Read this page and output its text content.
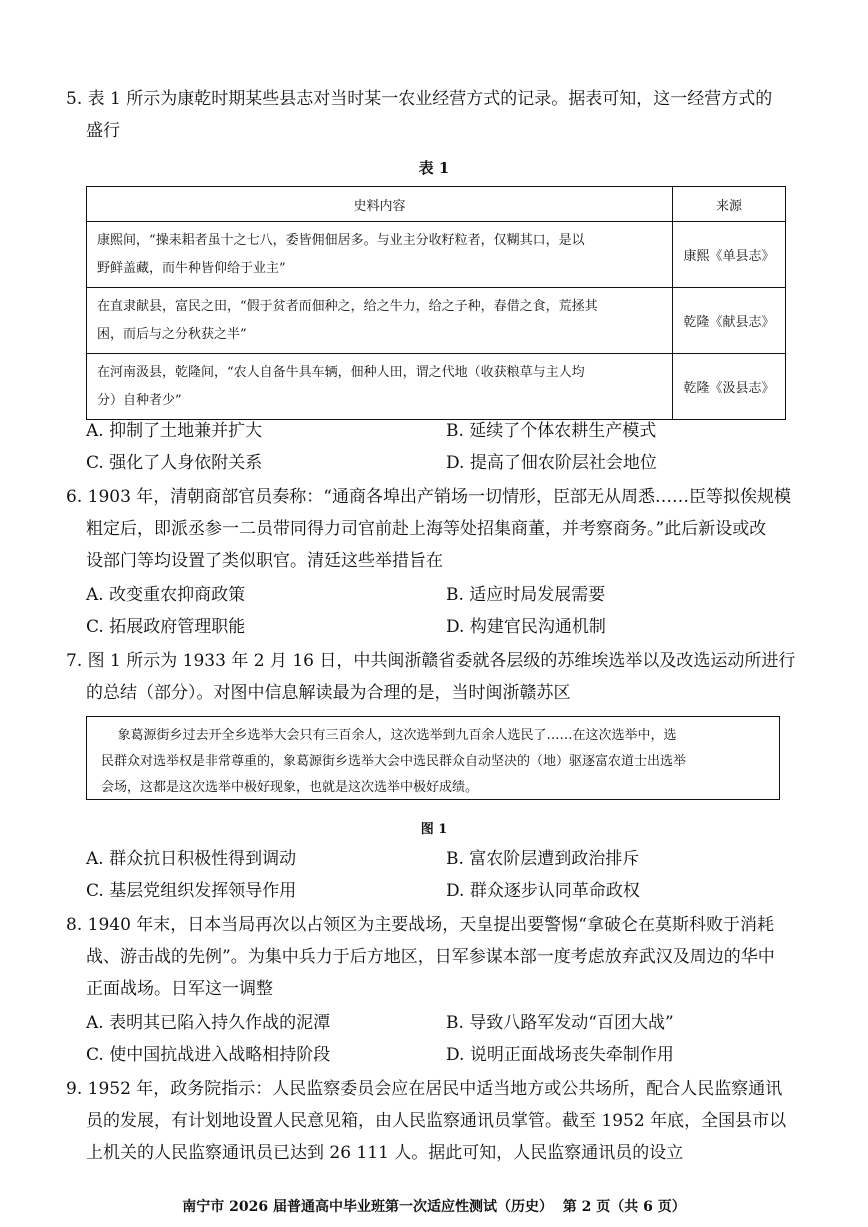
5. 表 1 所示为康乾时期某些县志对当时某一农业经营方式的记录。据表可知，这一经营方式的
盛行
表 1
史料内容	来源

康熙间，“操耒耜者虽十之七八，委皆佣佃居多。与业主分收籽粒者，仅糊其口，是以
野鲜盖藏，而牛种皆仰给于业主”	康熙《单县志》

在直隶献县，富民之田，“假于贫者而佃种之，给之牛力，给之子种，春借之食，荒拯其
困，而后与之分秋获之半”	乾隆《献县志》

在河南汲县，乾隆间，“农人自备牛具车辆，佃种人田，谓之代地（收获粮草与主人均
分）自种者少”	乾隆《汲县志》
A. 抑制了土地兼并扩大	B. 延续了个体农耕生产模式
C. 强化了人身依附关系	D. 提高了佃农阶层社会地位
6. 1903 年，清朝商部官员奏称：“通商各埠出产销场一切情形，臣部无从周悉……臣等拟俟规模
粗定后，即派丞参一二员带同得力司官前赴上海等处招集商董，并考察商务。”此后新设或改
设部门等均设置了类似职官。清廷这些举措旨在
A. 改变重农抑商政策	B. 适应时局发展需要
C. 拓展政府管理职能	D. 构建官民沟通机制
7. 图 1 所示为 1933 年 2 月 16 日，中共闽浙赣省委就各层级的苏维埃选举以及改选运动所进行
的总结（部分）。对图中信息解读最为合理的是，当时闽浙赣苏区
象葛源街乡过去开全乡选举大会只有三百余人，这次选举到九百余人选民了……在这次选举中，选
民群众对选举权是非常尊重的，象葛源街乡选举大会中选民群众自动坚决的（地）驱逐富农道士出选举
会场，这都是这次选举中极好现象，也就是这次选举中极好成绩。
图 1
A. 群众抗日积极性得到调动	B. 富农阶层遭到政治排斥
C. 基层党组织发挥领导作用	D. 群众逐步认同革命政权
8. 1940 年末，日本当局再次以占领区为主要战场，天皇提出要警惕“拿破仑在莫斯科败于消耗
战、游击战的先例”。为集中兵力于后方地区，日军参谋本部一度考虑放弃武汉及周边的华中
正面战场。日军这一调整
A. 表明其已陷入持久作战的泥潭	B. 导致八路军发动“百团大战”
C. 使中国抗战进入战略相持阶段	D. 说明正面战场丧失牵制作用
9. 1952 年，政务院指示：人民监察委员会应在居民中适当地方或公共场所，配合人民监察通讯
员的发展，有计划地设置人民意见箱，由人民监察通讯员掌管。截至 1952 年底，全国县市以
上机关的人民监察通讯员已达到 26 111 人。据此可知，人民监察通讯员的设立
南宁市 2026 届普通高中毕业班第一次适应性测试（历史）  第 2 页（共 6 页）
